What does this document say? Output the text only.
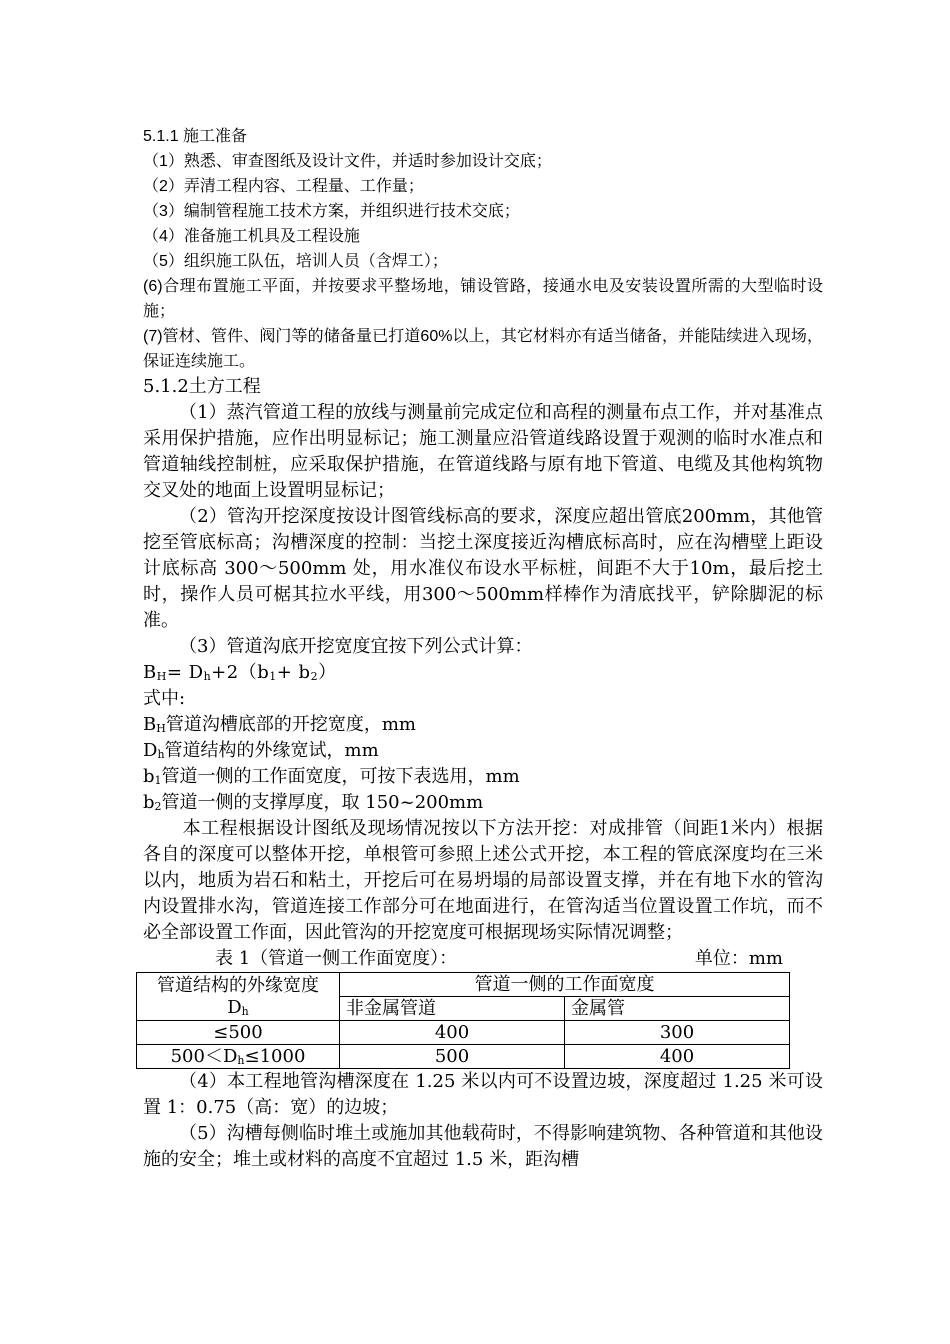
5.1.1 施工准备
（1）熟悉、审查图纸及设计文件，并适时参加设计交底；
（2）弄清工程内容、工程量、工作量；
（3）编制管程施工技术方案，并组织进行技术交底；
（4）准备施工机具及工程设施
（5）组织施工队伍，培训人员（含焊工）；

(6)合理布置施工平面，并按要求平整场地，铺设管路，接通水电及安装设置所需的大型临时设施；

(7)管材、管件、阀门等的储备量已打道60%以上，其它材料亦有适当储备，并能陆续进入现场，保证连续施工。

5.1.2土方工程

（1）蒸汽管道工程的放线与测量前完成定位和高程的测量布点工作，并对基准点采用保护措施，应作出明显标记；施工测量应沿管道线路设置于观测的临时水准点和管道轴线控制桩，应采取保护措施，在管道线路与原有地下管道、电缆及其他构筑物交叉处的地面上设置明显标记；

（2）管沟开挖深度按设计图管线标高的要求，深度应超出管底200mm，其他管挖至管底标高；沟槽深度的控制：当挖土深度接近沟槽底标高时，应在沟槽壁上距设计底标高 300～500mm 处，用水准仪布设水平标桩，间距不大于10m，最后挖土时，操作人员可椐其拉水平线，用300～500mm样棒作为清底找平，铲除脚泥的标准。

（3）管道沟底开挖宽度宜按下列公式计算：

$B_H= D_h+2(b_1+ b_2)$
式中:
$B_H$管道沟槽底部的开挖宽度，mm
$D_h$管道结构的外缘宽试，mm
$b_1$管道一侧的工作面宽度，可按下表选用，mm
$b_2$管道一侧的支撑厚度，取 150~200mm

本工程根据设计图纸及现场情况按以下方法开挖：对成排管（间距1米内）根据各自的深度可以整体开挖，单根管可参照上述公式开挖，本工程的管底深度均在三米以内，地质为岩石和粘土，开挖后可在易坍塌的局部设置支撑，并在有地下水的管沟内设置排水沟，管道连接工作部分可在地面进行，在管沟适当位置设置工作坑，而不必全部设置工作面，因此管沟的开挖宽度可根据现场实际情况调整；

表 1（管道一侧工作面宽度）：	单位：mm
管道结构的外缘宽度
$D_h$	管道一侧的工作面宽度	
	非金属管道	金属管
≤500	400	300
$500<D_h\le 1000$	500	400

（4）本工程地管沟槽深度在 1.25 米以内可不设置边坡，深度超过 1.25 米可设置 1：0.75（高：宽）的边坡；

（5）沟槽每侧临时堆土或施加其他载荷时，不得影响建筑物、各种管道和其他设施的安全；堆土或材料的高度不宜超过 1.5 米，距沟槽
